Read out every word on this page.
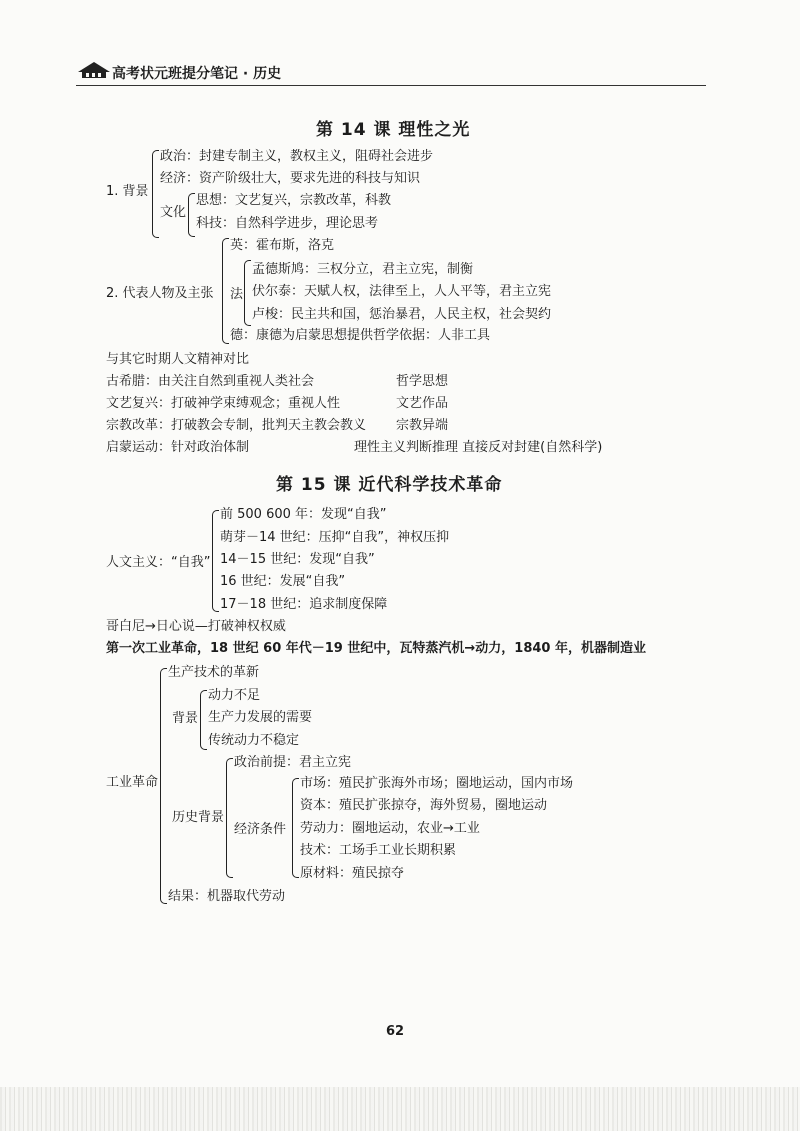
高考状元班提分笔记 · 历史
第 14 课 理性之光
1. 背景
政治：封建专制主义，教权主义，阻碍社会进步
经济：资产阶级壮大，要求先进的科技与知识
文化
思想：文艺复兴，宗教改革，科教
科技：自然科学进步，理论思考
2. 代表人物及主张
英：霍布斯，洛克
法
孟德斯鸠：三权分立，君主立宪，制衡
伏尔泰：天赋人权，法律至上，人人平等，君主立宪
卢梭：民主共和国，惩治暴君，人民主权，社会契约
德：康德为启蒙思想提供哲学依据：人非工具
与其它时期人文精神对比
古希腊：由关注自然到重视人类社会	哲学思想
文艺复兴：打破神学束缚观念；重视人性	文艺作品
宗教改革：打破教会专制，批判天主教会教义 宗教异端
启蒙运动：针对政治体制	理性主义判断推理 直接反对封建(自然科学)
第 15 课 近代科学技术革命
人文主义：“自我”
前 500 600 年：发现“自我”
萌芽－14 世纪：压抑“自我”，神权压抑
14－15 世纪：发现“自我”
16 世纪：发展“自我”
17－18 世纪：追求制度保障
哥白尼→日心说—打破神权权威
第一次工业革命，18 世纪 60 年代－19 世纪中，瓦特蒸汽机→动力，1840 年，机器制造业
工业革命
生产技术的革新
背景
动力不足
生产力发展的需要
传统动力不稳定
历史背景
政治前提：君主立宪
经济条件
市场：殖民扩张海外市场；圈地运动，国内市场
资本：殖民扩张掠夺，海外贸易，圈地运动
劳动力：圈地运动，农业→工业
技术：工场手工业长期积累
原材料：殖民掠夺
结果：机器取代劳动
62
